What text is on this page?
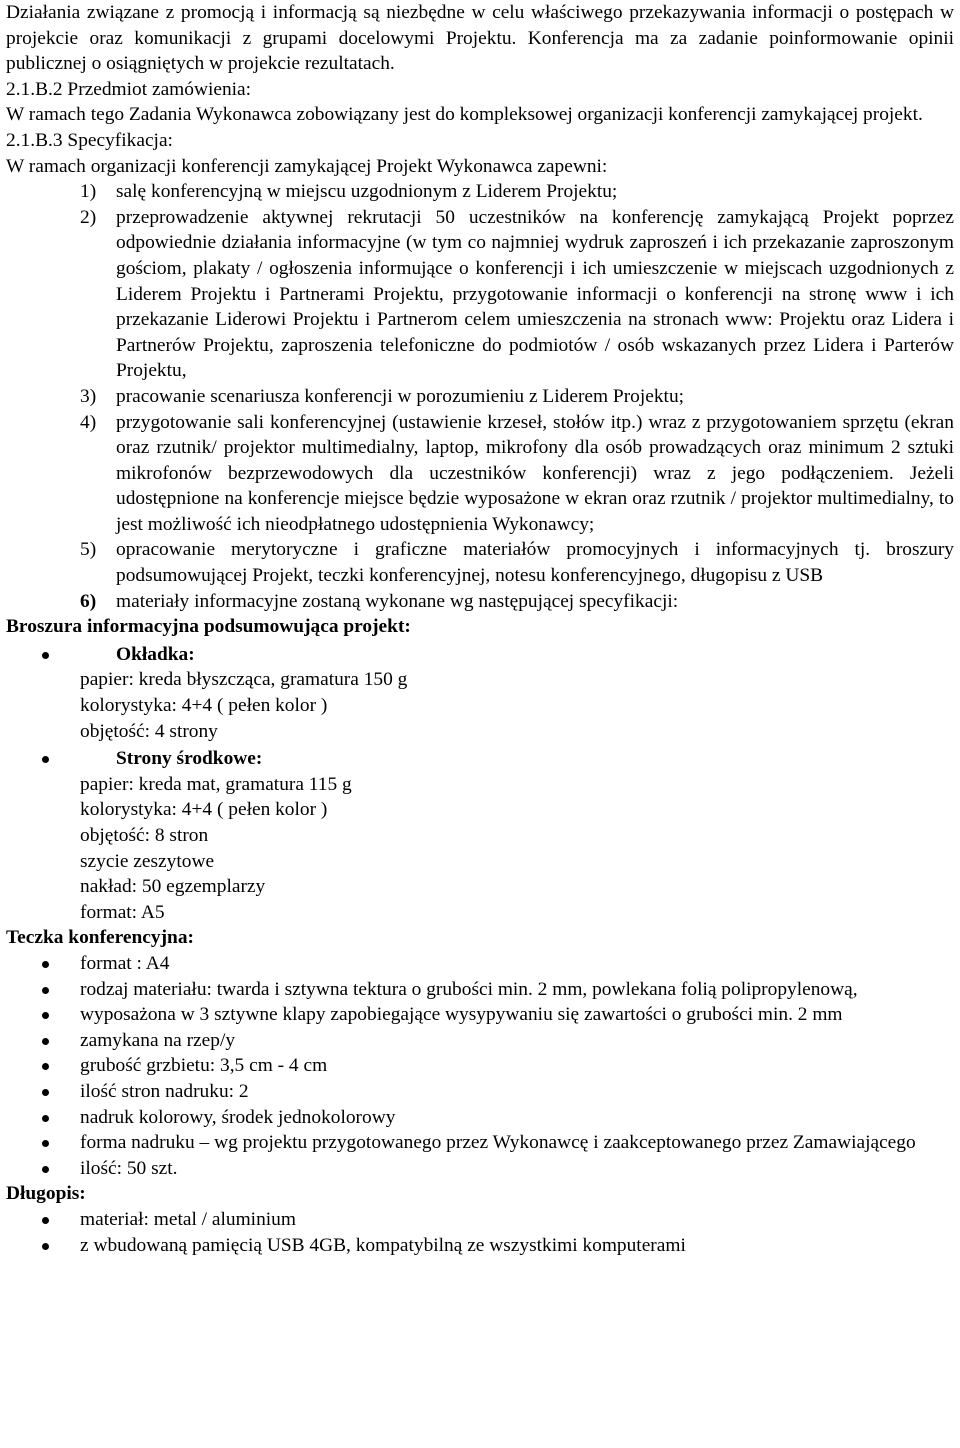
Działania związane z promocją i informacją są niezbędne w celu właściwego przekazywania informacji o postępach w projekcie oraz komunikacji z grupami docelowymi Projektu. Konferencja ma za zadanie poinformowanie opinii publicznej o osiągniętych w projekcie rezultatach.

2.1.B.2 Przedmiot zamówienia:

W ramach tego Zadania Wykonawca zobowiązany jest do kompleksowej organizacji konferencji zamykającej projekt.

2.1.B.3 Specyfikacja:

W ramach organizacji konferencji zamykającej Projekt Wykonawca zapewni:

1) salę konferencyjną w miejscu uzgodnionym z Liderem Projektu;
2) przeprowadzenie aktywnej rekrutacji 50 uczestników na konferencję zamykającą Projekt poprzez odpowiednie działania informacyjne (w tym co najmniej wydruk zaproszeń i ich przekazanie zaproszonym gościom, plakaty / ogłoszenia informujące o konferencji i ich umieszczenie w miejscach uzgodnionych z Liderem Projektu i Partnerami Projektu, przygotowanie informacji o konferencji na stronę www i ich przekazanie Liderowi Projektu i Partnerom celem umieszczenia na stronach www: Projektu oraz Lidera i Partnerów Projektu, zaproszenia telefoniczne do podmiotów / osób wskazanych przez Lidera i Parterów Projektu,
3) pracowanie scenariusza konferencji w porozumieniu z Liderem Projektu;
4) przygotowanie sali konferencyjnej (ustawienie krzeseł, stołów itp.) wraz z przygotowaniem sprzętu (ekran oraz rzutnik/ projektor multimedialny, laptop, mikrofony dla osób prowadzących oraz minimum 2 sztuki mikrofonów bezprzewodowych dla uczestników konferencji) wraz z jego podłączeniem. Jeżeli udostępnione na konferencje miejsce będzie wyposażone w ekran oraz rzutnik / projektor multimedialny, to jest możliwość ich nieodpłatnego udostępnienia Wykonawcy;
5) opracowanie merytoryczne i graficzne materiałów promocyjnych i informacyjnych tj. broszury podsumowującej Projekt, teczki konferencyjnej, notesu konferencyjnego, długopisu z USB
6) materiały informacyjne zostaną wykonane wg następującej specyfikacji:

Broszura informacyjna podsumowująca projekt:

Okładka:
papier: kreda błyszcząca, gramatura 150 g
kolorystyka: 4+4 ( pełen kolor )
objętość: 4 strony
Strony środkowe:
papier: kreda mat, gramatura 115 g
kolorystyka: 4+4 ( pełen kolor )
objętość: 8 stron
szycie zeszytowe
nakład: 50 egzemplarzy
format: A5

Teczka konferencyjna:

format : A4
rodzaj materiału: twarda i sztywna tektura o grubości min. 2 mm, powlekana folią polipropylenową,
wyposażona w 3 sztywne klapy zapobiegające wysypywaniu się zawartości o grubości min. 2 mm
zamykana na rzep/y
grubość grzbietu: 3,5 cm - 4 cm
ilość stron nadruku: 2
nadruk kolorowy, środek jednokolorowy
forma nadruku – wg projektu przygotowanego przez Wykonawcę i zaakceptowanego przez Zamawiającego
ilość: 50 szt.

Długopis:

materiał: metal / aluminium
z wbudowaną pamięcią USB 4GB, kompatybilną ze wszystkimi komputerami
